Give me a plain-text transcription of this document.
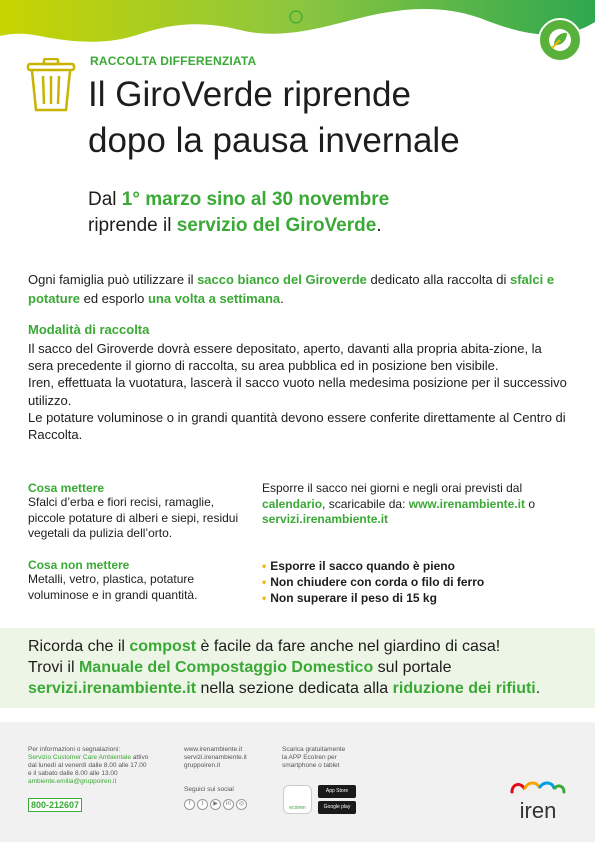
RACCOLTA DIFFERENZIATA
Il GiroVerde riprende
dopo la pausa invernale
Dal 1° marzo sino al 30 novembre
riprende il servizio del GiroVerde.

Ogni famiglia può utilizzare il sacco bianco del Giroverde dedicato alla raccolta di sfalci e potature ed esporlo una volta a settimana.

Modalità di raccolta
Il sacco del Giroverde dovrà essere depositato, aperto, davanti alla propria abita-zione, la sera precedente il giorno di raccolta, su area pubblica ed in posizione ben visibile.
Iren, effettuata la vuotatura, lascerà il sacco vuoto nella medesima posizione per il successivo utilizzo.
Le potature voluminose o in grandi quantità devono essere conferite direttamente al Centro di Raccolta.
Cosa mettere
Sfalci d’erba e fiori recisi, ramaglie, piccole potature di alberi e siepi, residui vegetali da pulizia dell’orto.
Cosa non mettere
Metalli, vetro, plastica, potature voluminose e in grandi quantità.
Esporre il sacco nei giorni e negli orai previsti dal calendario, scaricabile da: www.irenambiente.it o
servizi.irenambiente.it
• Esporre il sacco quando è pieno
• Non chiudere con corda o filo di ferro
• Non superare il peso di 15 kg

Ricorda che il compost è facile da fare anche nel giardino di casa!

Trovi il Manuale del Compostaggio Domestico sul portale

servizi.irenambiente.it nella sezione dedicata alla riduzione dei rifiuti.

Per informazioni o segnalazioni:
Servizio Customer Care Ambientale attivo
dal lunedì al venerdì dalle 8.00 alle 17.00
e il sabato dalle 8.00 alle 13.00
ambiente.emilia@gruppoiren.it
800-212607
www.irenambiente.it
servizi.irenambiente.it
gruppoiren.it
Seguici sui social
f	t	▶	in	◎
Scarica gratuitamente
la APP EcoIren per
smartphone o tablet
ecoiren
App Store
Google play	iren
